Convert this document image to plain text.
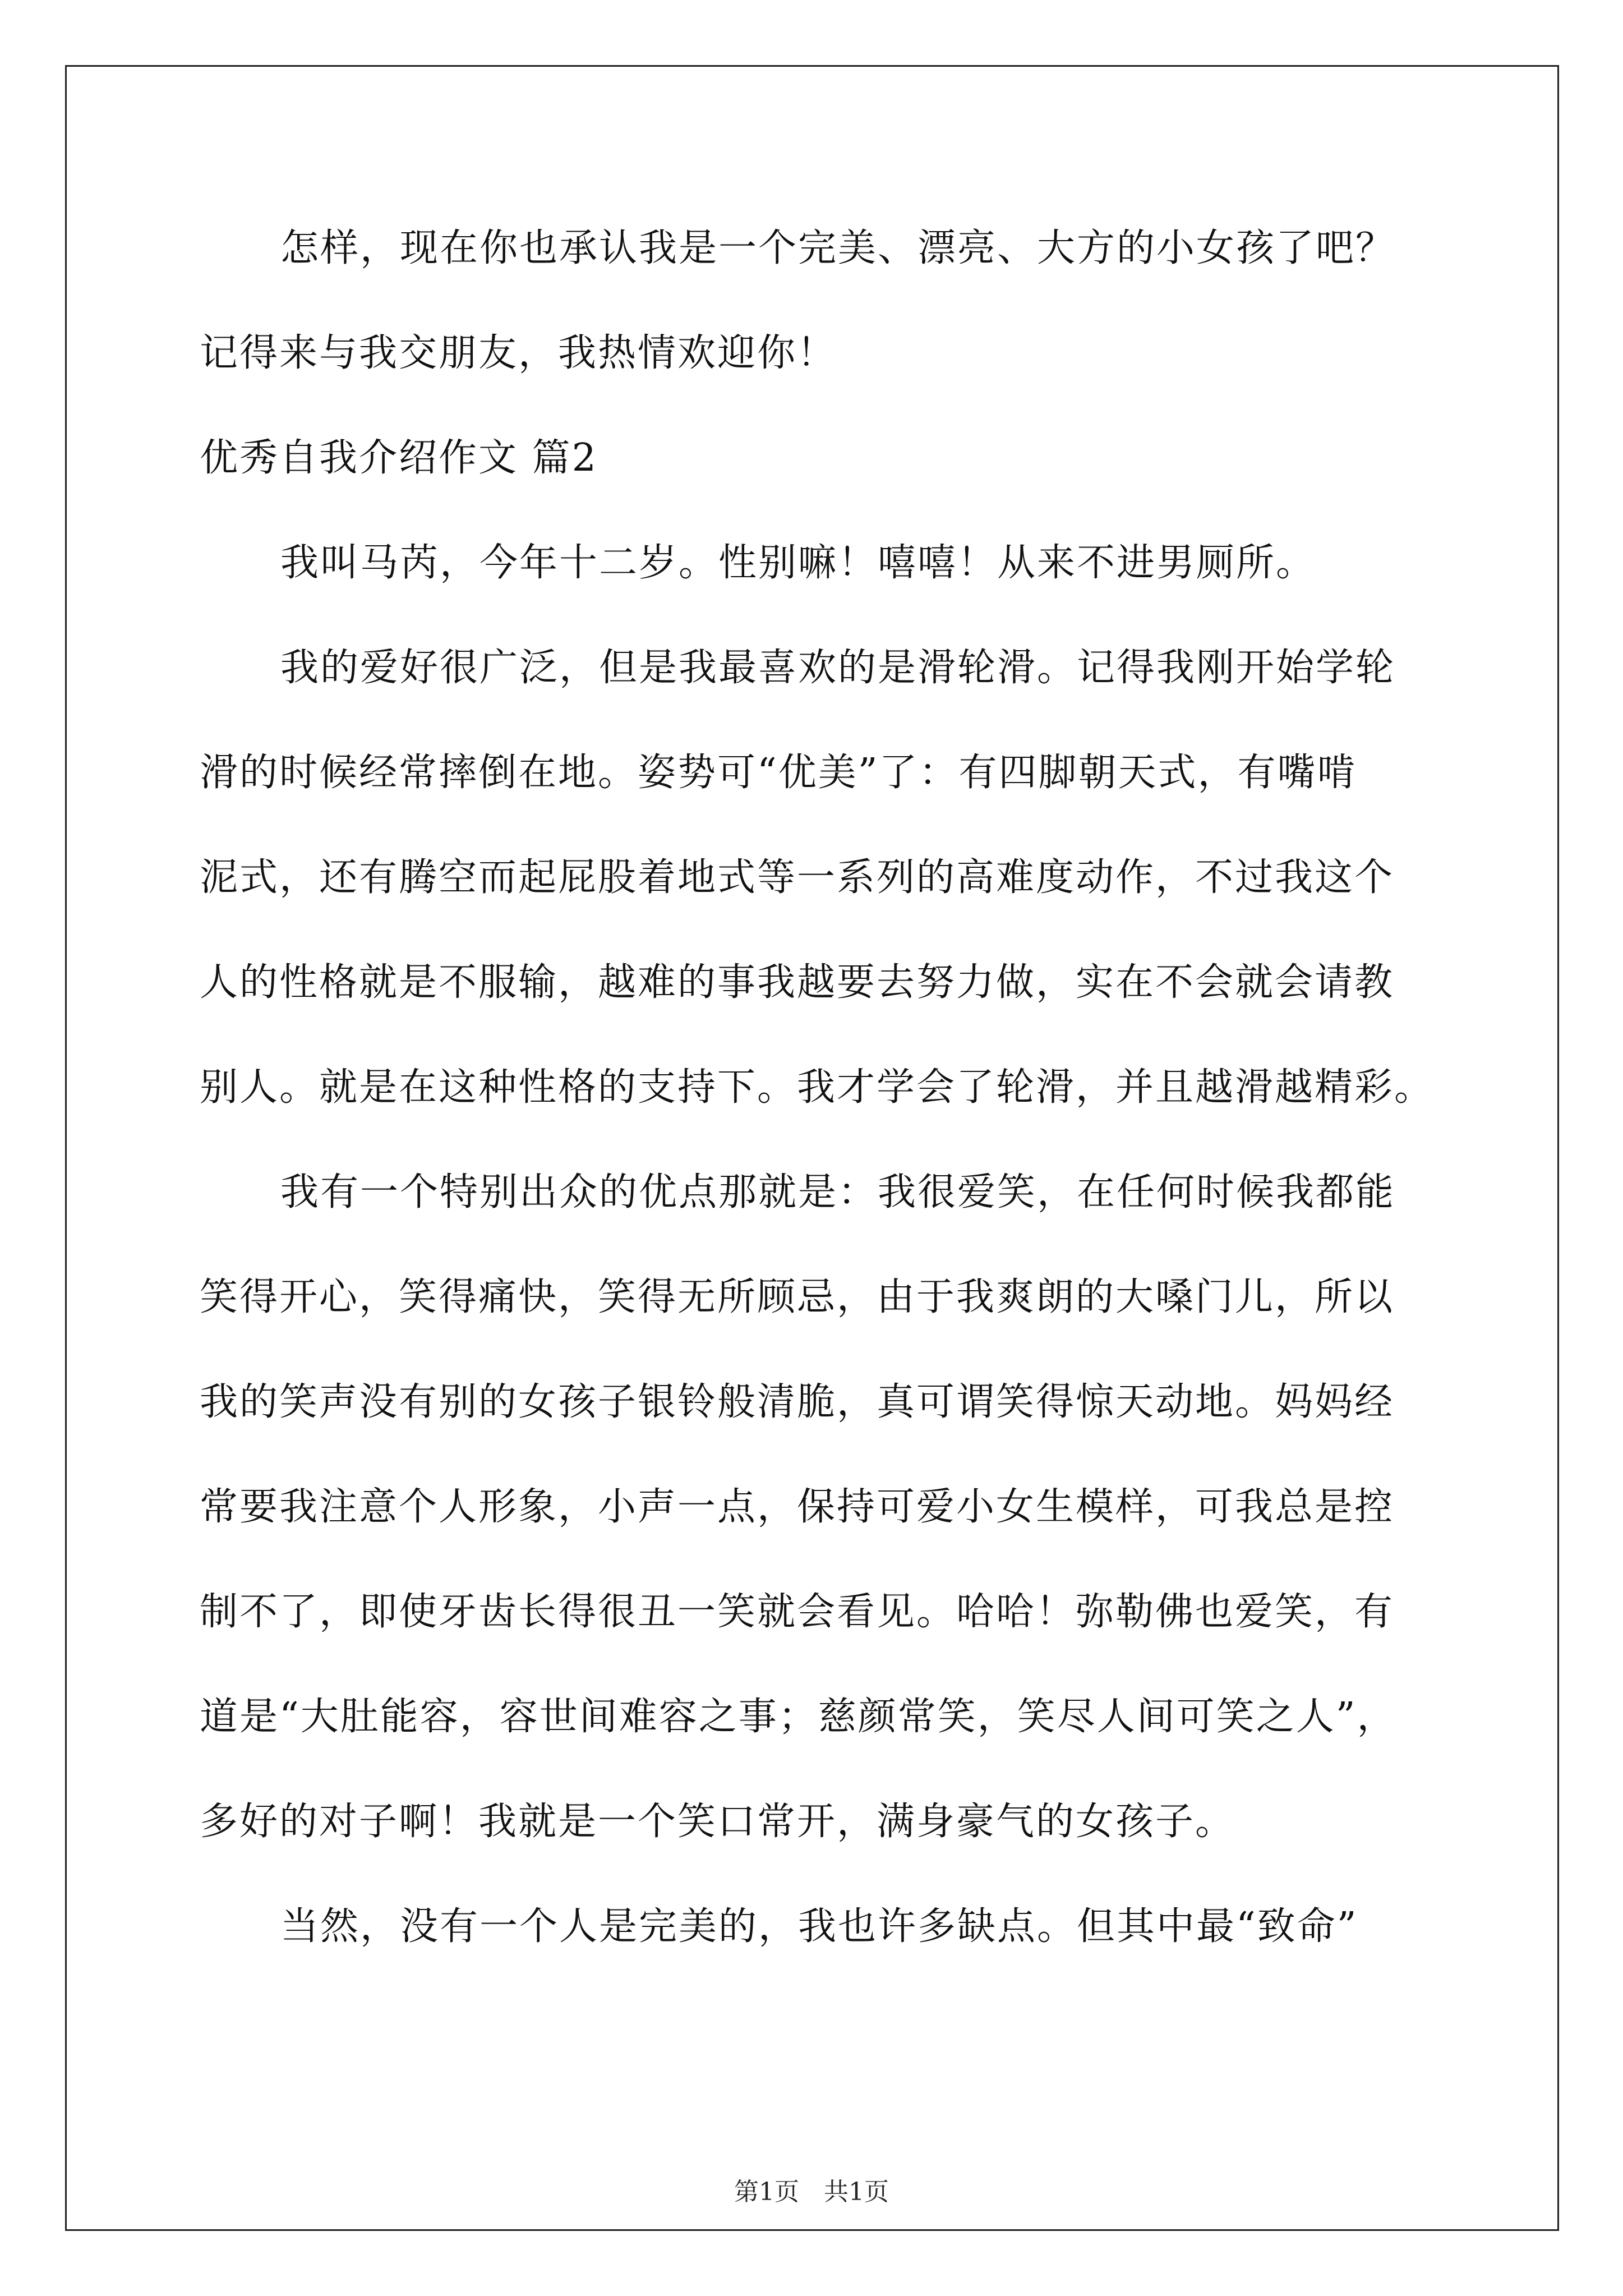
怎样，现在你也承认我是一个完美、漂亮、大方的小女孩了吧？
记得来与我交朋友，我热情欢迎你！
优秀自我介绍作文 篇2
我叫马芮，今年十二岁。性别嘛！嘻嘻！从来不进男厕所。
我的爱好很广泛，但是我最喜欢的是滑轮滑。记得我刚开始学轮
滑的时候经常摔倒在地。姿势可“优美”了：有四脚朝天式，有嘴啃
泥式，还有腾空而起屁股着地式等一系列的高难度动作，不过我这个
人的性格就是不服输，越难的事我越要去努力做，实在不会就会请教
别人。就是在这种性格的支持下。我才学会了轮滑，并且越滑越精彩。
我有一个特别出众的优点那就是：我很爱笑，在任何时候我都能
笑得开心，笑得痛快，笑得无所顾忌，由于我爽朗的大嗓门儿，所以
我的笑声没有别的女孩子银铃般清脆，真可谓笑得惊天动地。妈妈经
常要我注意个人形象，小声一点，保持可爱小女生模样，可我总是控
制不了，即使牙齿长得很丑一笑就会看见。哈哈！弥勒佛也爱笑，有
道是“大肚能容，容世间难容之事；慈颜常笑，笑尽人间可笑之人”，
多好的对子啊！我就是一个笑口常开，满身豪气的女孩子。
当然，没有一个人是完美的，我也许多缺点。但其中最“致命”
第1页　共1页
